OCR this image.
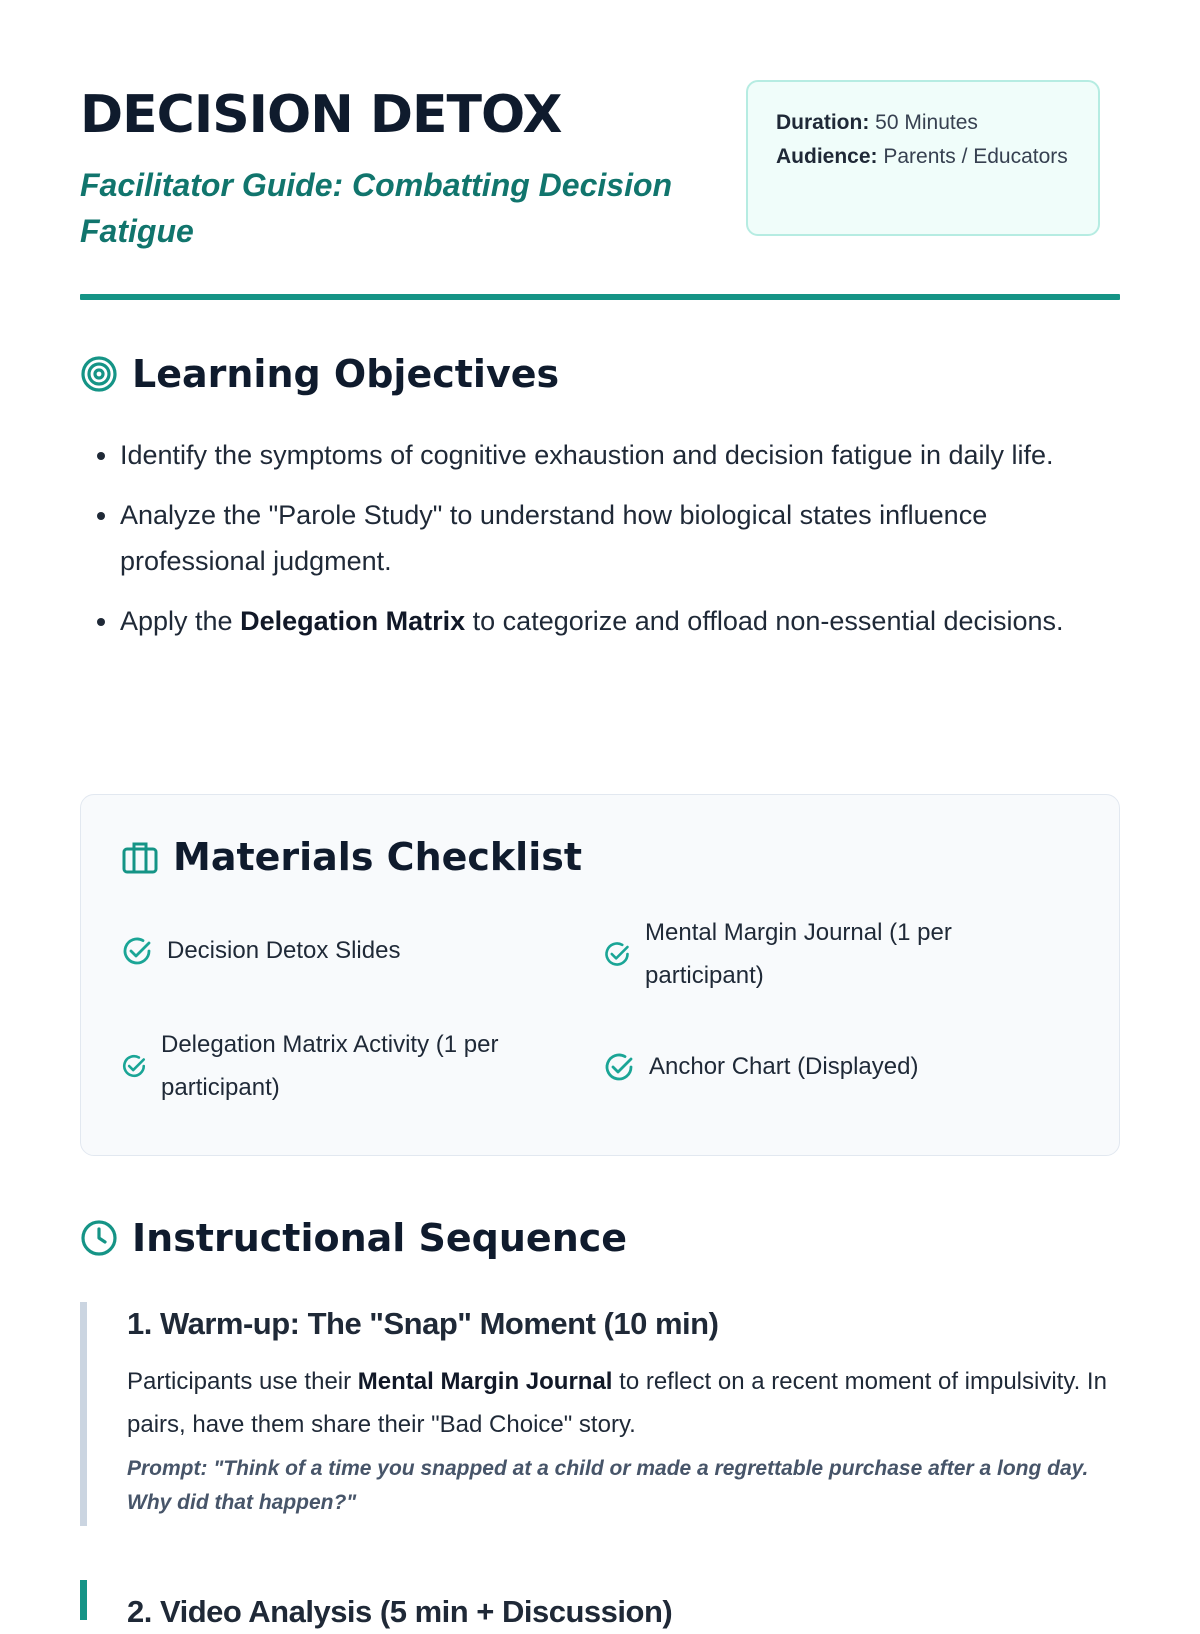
DECISION DETOX
Facilitator Guide: Combatting Decision Fatigue
Duration: 50 Minutes
Audience: Parents / Educators
Learning Objectives
• Identify the symptoms of cognitive exhaustion and decision fatigue in daily life.
• Analyze the "Parole Study" to understand how biological states influence professional judgment.
• Apply the Delegation Matrix to categorize and offload non-essential decisions.
Materials Checklist
Decision Detox Slides
Mental Margin Journal (1 per participant)
Delegation Matrix Activity (1 per participant)
Anchor Chart (Displayed)
Instructional Sequence
1. Warm-up: The "Snap" Moment (10 min)
Participants use their Mental Margin Journal to reflect on a recent moment of impulsivity. In pairs, have them share their "Bad Choice" story.
Prompt: "Think of a time you snapped at a child or made a regrettable purchase after a long day. Why did that happen?"
2. Video Analysis (5 min + Discussion)
